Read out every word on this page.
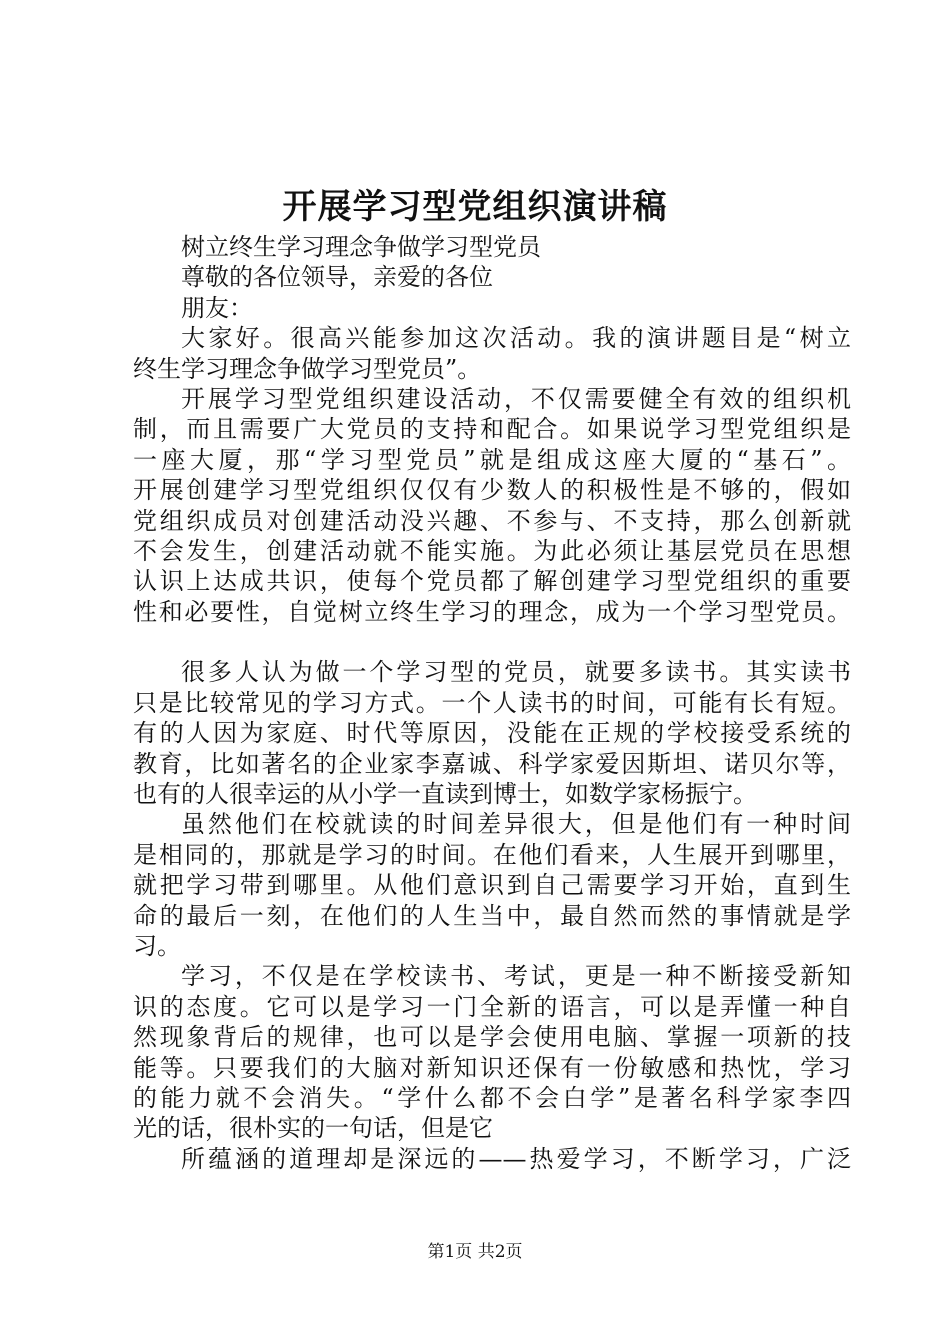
开展学习型党组织演讲稿
树立终生学习理念争做学习型党员
尊敬的各位领导，亲爱的各位
朋友：
大家好。很高兴能参加这次活动。我的演讲题目是“树立
终生学习理念争做学习型党员”。
开展学习型党组织建设活动，不仅需要健全有效的组织机
制，而且需要广大党员的支持和配合。如果说学习型党组织是
一座大厦，那“学习型党员”就是组成这座大厦的“基石”。
开展创建学习型党组织仅仅有少数人的积极性是不够的，假如
党组织成员对创建活动没兴趣、不参与、不支持，那么创新就
不会发生，创建活动就不能实施。为此必须让基层党员在思想
认识上达成共识，使每个党员都了解创建学习型党组织的重要
性和必要性，自觉树立终生学习的理念，成为一个学习型党员。
很多人认为做一个学习型的党员，就要多读书。其实读书
只是比较常见的学习方式。一个人读书的时间，可能有长有短。
有的人因为家庭、时代等原因，没能在正规的学校接受系统的
教育，比如著名的企业家李嘉诚、科学家爱因斯坦、诺贝尔等，
也有的人很幸运的从小学一直读到博士，如数学家杨振宁。
虽然他们在校就读的时间差异很大，但是他们有一种时间
是相同的，那就是学习的时间。在他们看来，人生展开到哪里，
就把学习带到哪里。从他们意识到自己需要学习开始，直到生
命的最后一刻，在他们的人生当中，最自然而然的事情就是学
习。
学习，不仅是在学校读书、考试，更是一种不断接受新知
识的态度。它可以是学习一门全新的语言，可以是弄懂一种自
然现象背后的规律，也可以是学会使用电脑、掌握一项新的技
能等。只要我们的大脑对新知识还保有一份敏感和热忱，学习
的能力就不会消失。“学什么都不会白学”是著名科学家李四
光的话，很朴实的一句话，但是它
所蕴涵的道理却是深远的——热爱学习，不断学习，广泛
第1页 共2页
